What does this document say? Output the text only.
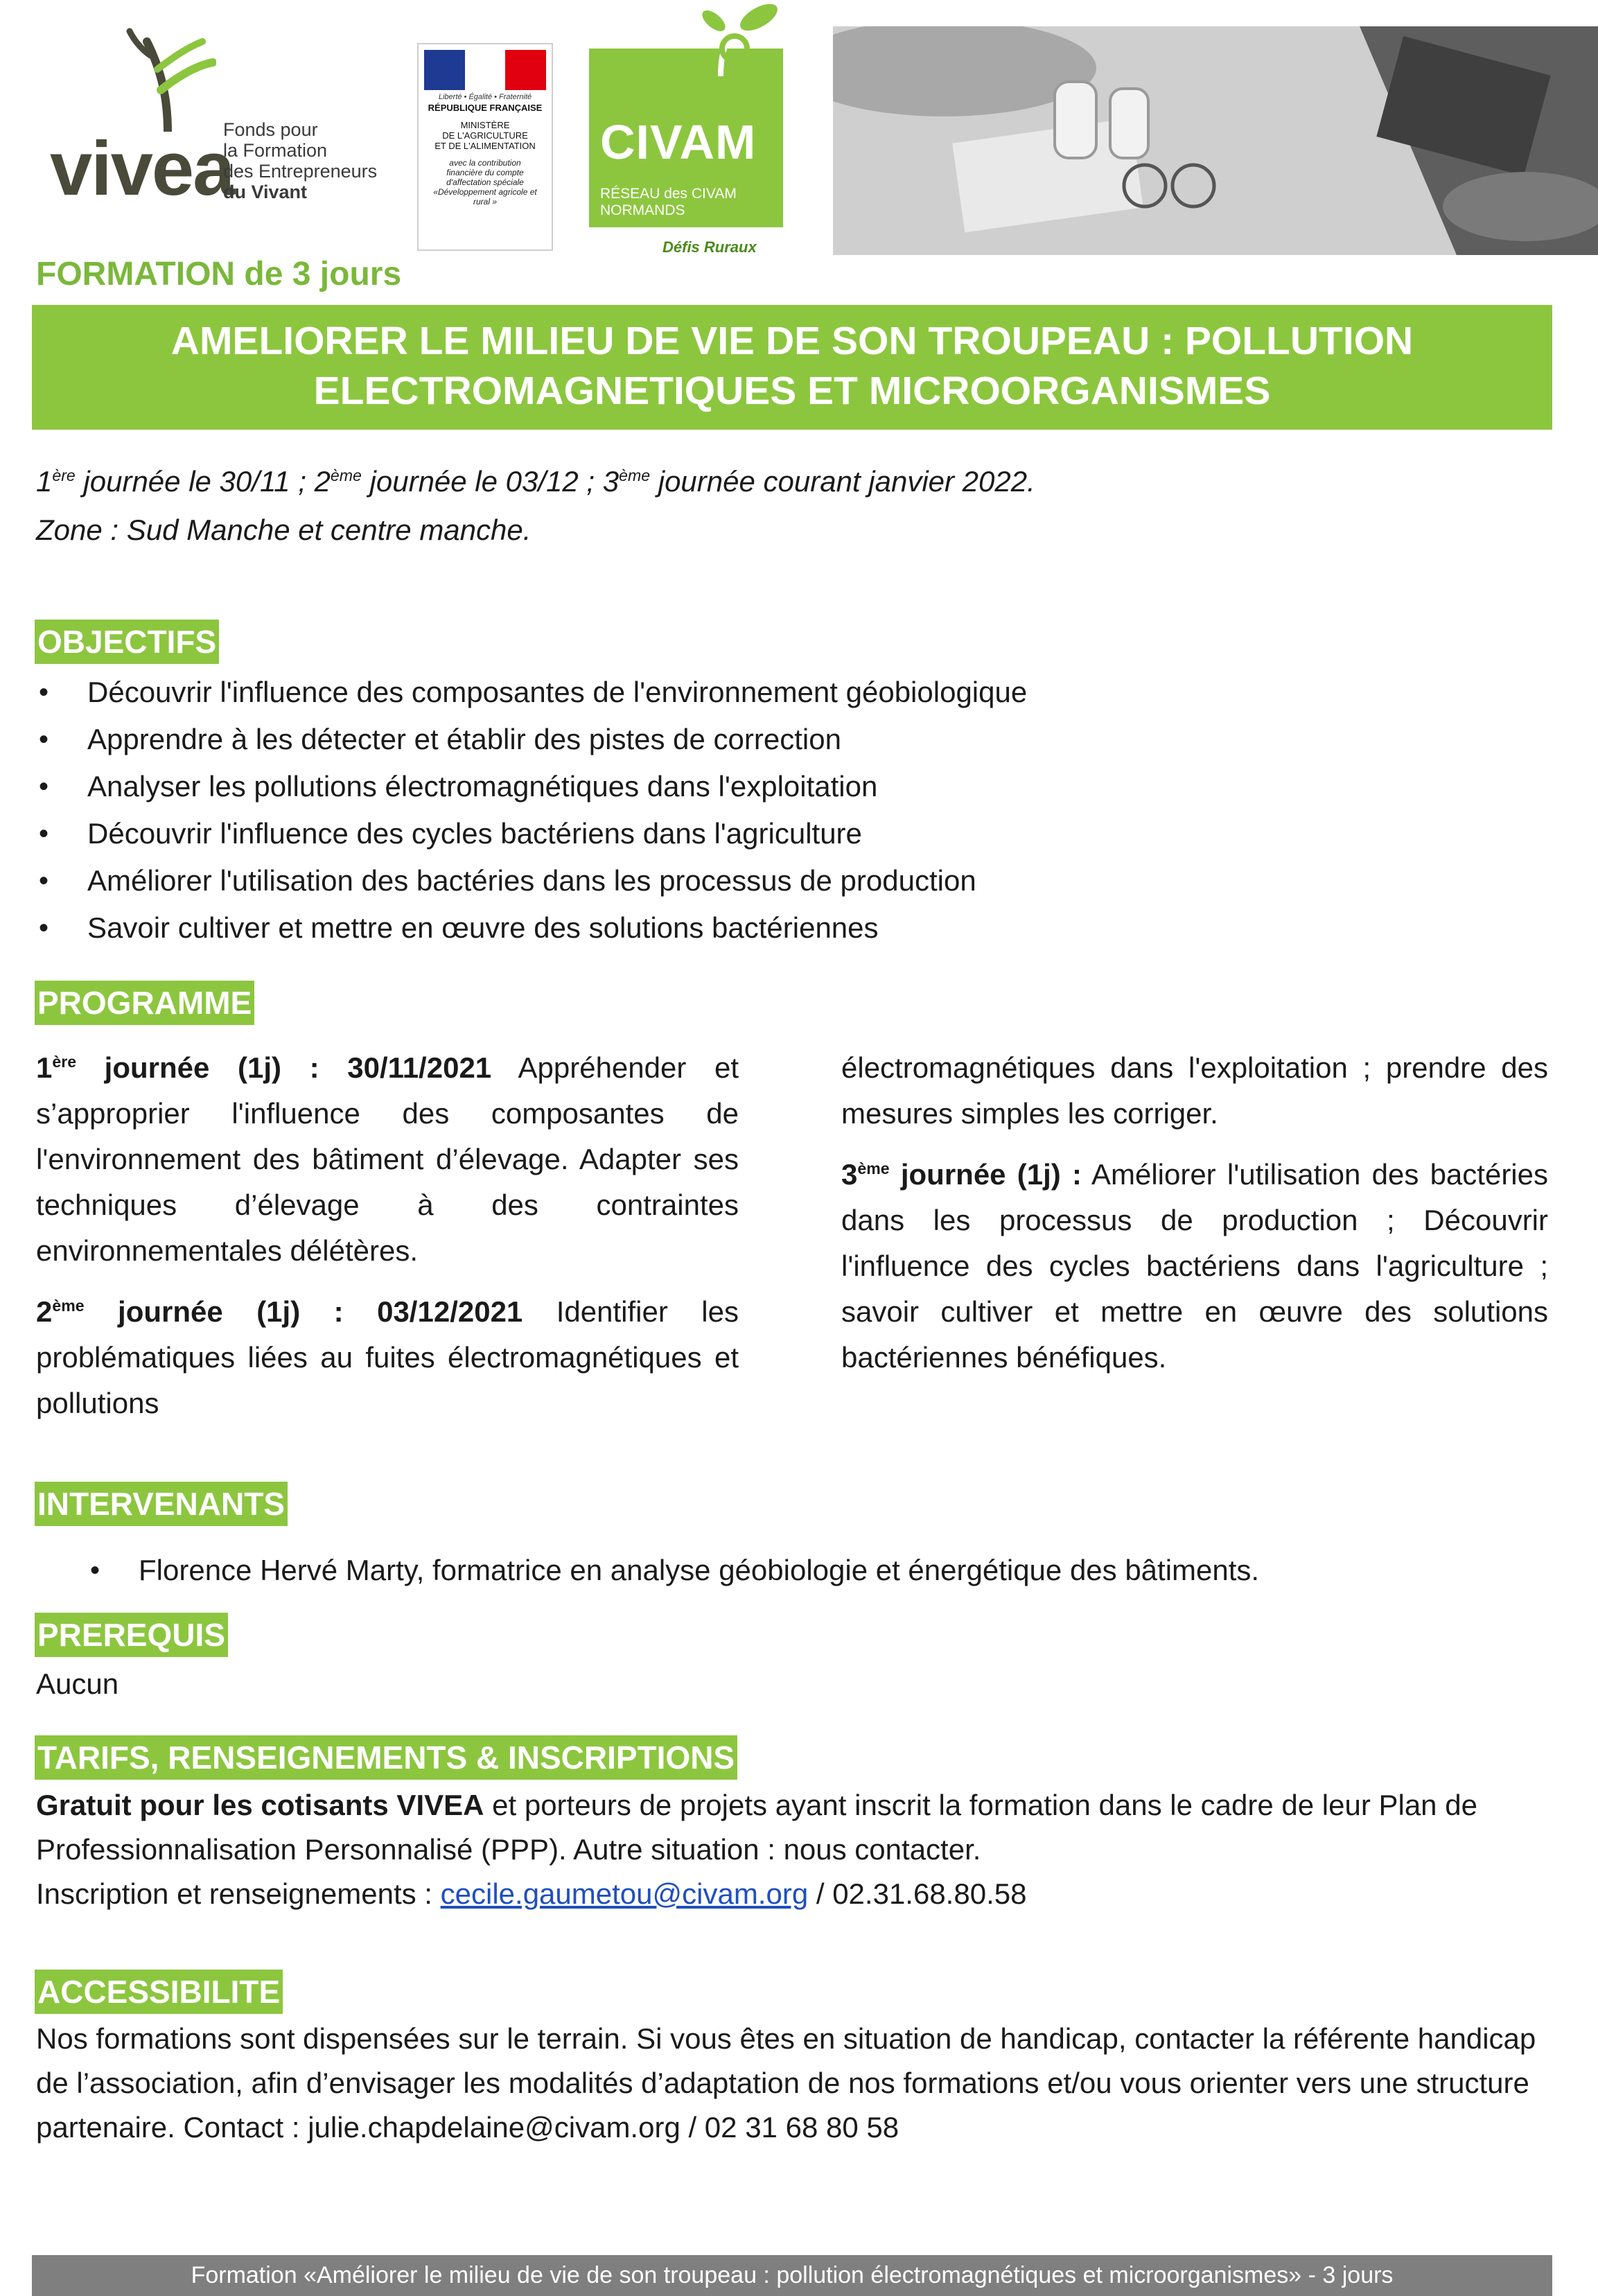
vivea
Fonds pour
la Formation
des Entrepreneurs
du Vivant
Liberté • Égalité • Fraternité
RÉPUBLIQUE FRANÇAISE
MINISTÈRE
DE L'AGRICULTURE
ET DE L'ALIMENTATION
avec la contribution
financière du compte
d'affectation spéciale
«Développement agricole et
rural »
CIVAM
RÉSEAU des CIVAM
NORMANDS
Défis Ruraux
FORMATION de 3 jours
AMELIORER LE MILIEU DE VIE DE SON TROUPEAU : POLLUTION
ELECTROMAGNETIQUES ET MICROORGANISMES
1ère journée le 30/11 ; 2ème journée le 03/12 ; 3ème journée courant janvier 2022.
Zone : Sud Manche et centre manche.
OBJECTIFS
• Découvrir l'influence des composantes de l'environnement géobiologique
• Apprendre à les détecter et établir des pistes de correction
• Analyser les pollutions électromagnétiques dans l'exploitation
• Découvrir l'influence des cycles bactériens dans l'agriculture
• Améliorer l'utilisation des bactéries dans les processus de production
• Savoir cultiver et mettre en œuvre des solutions bactériennes
PROGRAMME

1ère journée (1j) : 30/11/2021 Appréhender et s’approprier l'influence des composantes de l'environnement des bâtiment d’élevage. Adapter ses techniques d’élevage à des contraintes environnementales délétères.

2ème journée (1j) : 03/12/2021 Identifier les problématiques liées au fuites électromagnétiques et pollutions

électromagnétiques dans l'exploitation ; prendre des mesures simples les corriger.

3ème journée (1j) : Améliorer l'utilisation des bactéries dans les processus de production ; Découvrir l'influence des cycles bactériens dans l'agriculture ; savoir cultiver et mettre en œuvre des solutions bactériennes bénéfiques.

INTERVENANTS
• Florence Hervé Marty, formatrice en analyse géobiologie et énergétique des bâtiments.
PREREQUIS
Aucun
TARIFS, RENSEIGNEMENTS & INSCRIPTIONS
Gratuit pour les cotisants VIVEA et porteurs de projets ayant inscrit la formation dans le cadre de leur Plan de Professionnalisation Personnalisé (PPP). Autre situation : nous contacter.
Inscription et renseignements : cecile.gaumetou@civam.org / 02.31.68.80.58
ACCESSIBILITE
Nos formations sont dispensées sur le terrain. Si vous êtes en situation de handicap, contacter la référente handicap de l’association, afin d’envisager les modalités d’adaptation de nos formations et/ou vous orienter vers une structure partenaire. Contact : julie.chapdelaine@civam.org / 02 31 68 80 58
Formation «Améliorer le milieu de vie de son troupeau : pollution électromagnétiques et microorganismes» - 3 jours
